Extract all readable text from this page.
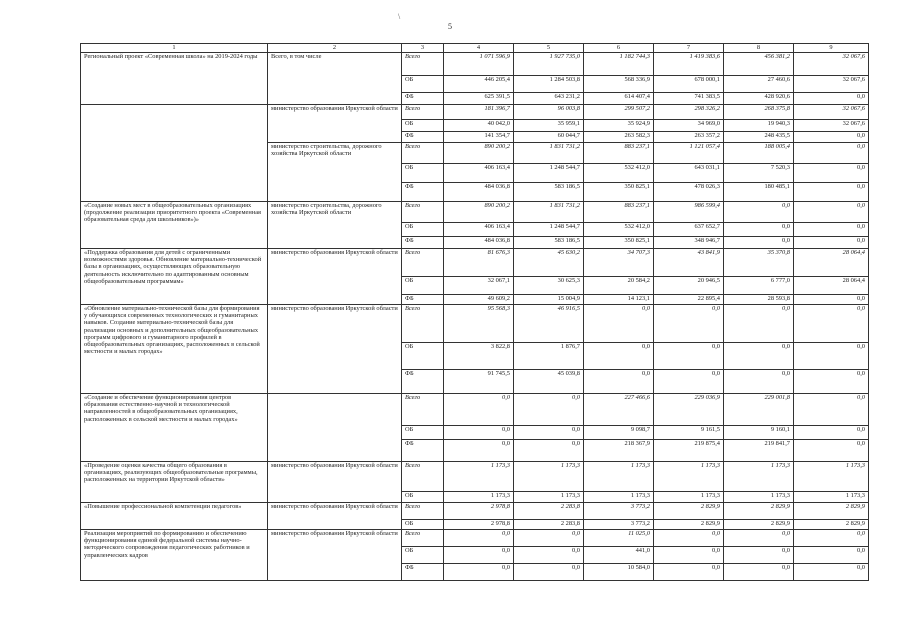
5
\
1	2	3	4	5	6	7	8	9
Региональный проект «Современная школа» на 2019-2024 годы	Всего, в том числе	Всего	1 071 596,9	1 927 735,0	1 182 744,3	1 419 383,6	456 381,2	32 067,6
		ОБ	446 205,4	1 284 503,8	568 336,9	678 000,1	27 460,6	32 067,6
		ФБ	625 391,5	643 231,2	614 407,4	741 383,5	428 920,6	0,0
	министерство образования Иркутской области	Всего	181 396,7	96 003,8	299 507,2	298 326,2	268 375,8	32 067,6
		ОБ	40 042,0	35 959,1	35 924,9	34 969,0	19 940,3	32 067,6
		ФБ	141 354,7	60 044,7	263 582,3	263 357,2	248 435,5	0,0
	министерство строительства, дорожного хозяйства Иркутской области	Всего	890 200,2	1 831 731,2	883 237,1	1 121 057,4	188 005,4	0,0
		ОБ	406 163,4	1 248 544,7	532 412,0	643 031,1	7 520,3	0,0
		ФБ	484 036,8	583 186,5	350 825,1	478 026,3	180 485,1	0,0
«Создание новых мест в общеобразовательных организациях (продолжение реализации приоритетного проекта «Современная образовательная среда для школьников»)»	министерство строительства, дорожного хозяйства Иркутской области	Всего	890 200,2	1 831 731,2	883 237,1	986 599,4	0,0	0,0
		ОБ	406 163,4	1 248 544,7	532 412,0	637 652,7	0,0	0,0
		ФБ	484 036,8	583 186,5	350 825,1	348 946,7	0,0	0,0
«Поддержка образования для детей с ограниченными возможностями здоровья. Обновление материально-технической базы в организациях, осуществляющих образовательную деятельность исключительно по адаптированным основным общеобразовательным программам»	министерство образования Иркутской области	Всего	81 676,3	45 630,2	34 707,3	43 841,9	35 370,8	28 064,4
		ОБ	32 067,1	30 625,3	20 584,2	20 946,5	6 777,0	28 064,4
		ФБ	49 609,2	15 004,9	14 123,1	22 895,4	28 593,8	0,0
«Обновление материально-технической базы для формирования у обучающихся современных технологических и гуманитарных навыков. Создание материально-технической базы для реализации основных и дополнительных общеобразовательных программ цифрового и гуманитарного профилей в общеобразовательных организациях, расположенных в сельской местности и малых городах»	министерство образования Иркутской области	Всего	95 568,3	46 916,5	0,0	0,0	0,0	0,0
		ОБ	3 822,8	1 876,7	0,0	0,0	0,0	0,0
		ФБ	91 745,5	45 039,8	0,0	0,0	0,0	0,0
«Создание и обеспечение функционирования центров образования естественно-научной и технологической направленностей в общеобразовательных организациях, расположенных в сельской местности и малых городах»		Всего	0,0	0,0	227 466,6	229 036,9	229 001,8	0,0
		ОБ	0,0	0,0	9 098,7	9 161,5	9 160,1	0,0
		ФБ	0,0	0,0	218 367,9	219 875,4	219 841,7	0,0
«Проведение оценки качества общего образования в организациях, реализующих общеобразовательные программы, расположенных на территории Иркутской области»	министерство образования Иркутской области	Всего	1 173,3	1 173,3	1 173,3	1 173,3	1 173,3	1 173,3
		ОБ	1 173,3	1 173,3	1 173,3	1 173,3	1 173,3	1 173,3
«Повышение профессиональной компетенции педагогов»	министерство образования Иркутской области	Всего	2 978,8	2 283,8	3 773,2	2 829,9	2 829,9	2 829,9
		ОБ	2 978,8	2 283,8	3 773,2	2 829,9	2 829,9	2 829,9
Реализация мероприятий по формированию и обеспечению функционирования единой федеральной системы научно-методического сопровождения педагогических работников и управленческих кадров	министерство образования Иркутской области	Всего	0,0	0,0	11 025,0	0,0	0,0	0,0
		ОБ	0,0	0,0	441,0	0,0	0,0	0,0
		ФБ	0,0	0,0	10 584,0	0,0	0,0	0,0
